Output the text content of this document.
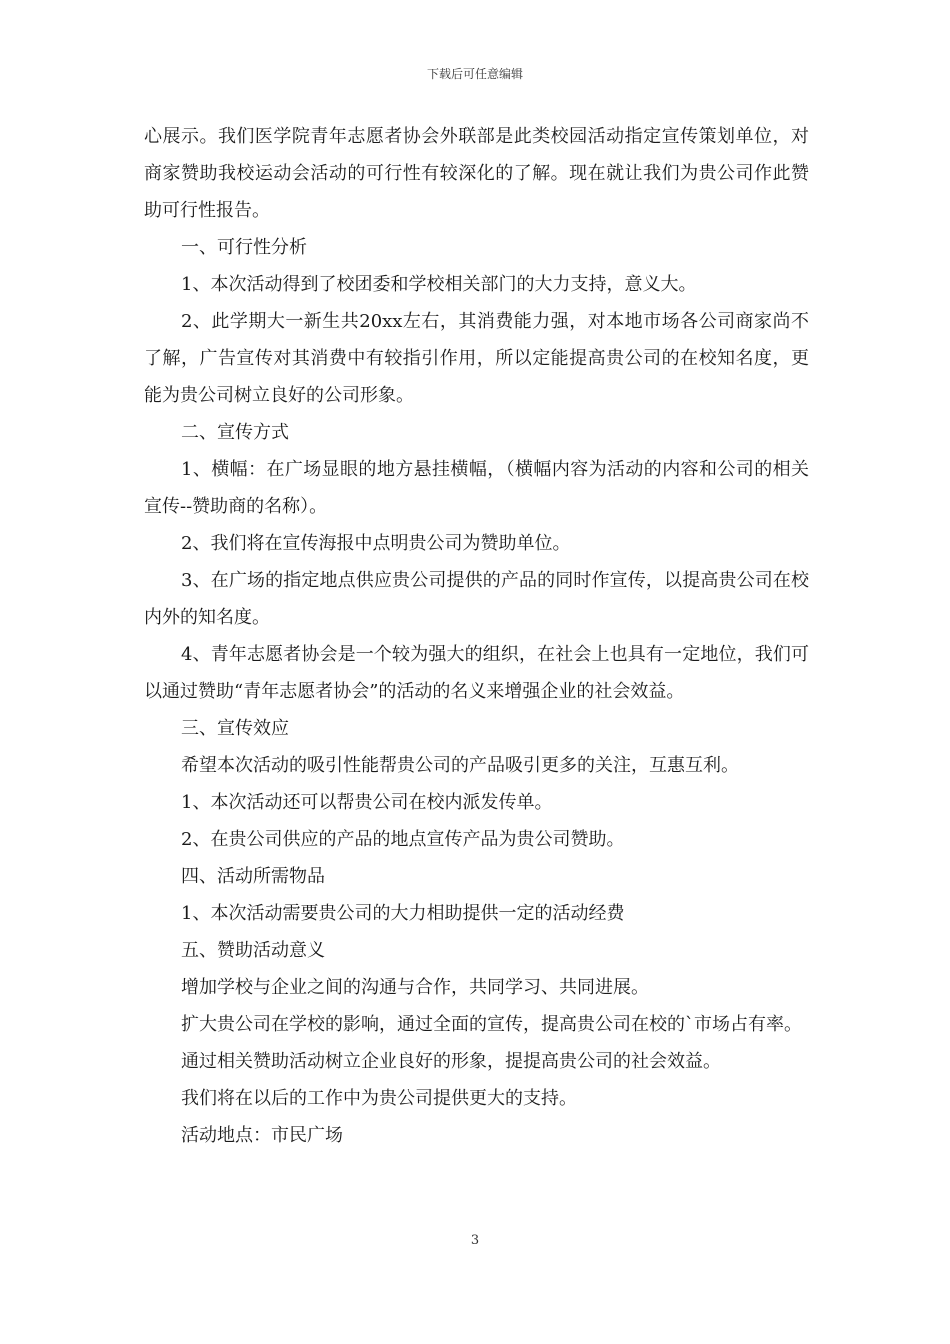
下载后可任意编辑

心展示。我们医学院青年志愿者协会外联部是此类校园活动指定宣传策划单位，对商家赞助我校运动会活动的可行性有较深化的了解。现在就让我们为贵公司作此赞助可行性报告。

一、可行性分析

1、本次活动得到了校团委和学校相关部门的大力支持，意义大。

2、此学期大一新生共20xx左右，其消费能力强，对本地市场各公司商家尚不了解，广告宣传对其消费中有较指引作用，所以定能提高贵公司的在校知名度，更能为贵公司树立良好的公司形象。

二、宣传方式

1、横幅：在广场显眼的地方悬挂横幅，（横幅内容为活动的内容和公司的相关宣传--赞助商的名称）。

2、我们将在宣传海报中点明贵公司为赞助单位。

3、在广场的指定地点供应贵公司提供的产品的同时作宣传，以提高贵公司在校内外的知名度。

4、青年志愿者协会是一个较为强大的组织，在社会上也具有一定地位，我们可以通过赞助“青年志愿者协会”的活动的名义来增强企业的社会效益。

三、宣传效应

希望本次活动的吸引性能帮贵公司的产品吸引更多的关注，互惠互利。

1、本次活动还可以帮贵公司在校内派发传单。

2、在贵公司供应的产品的地点宣传产品为贵公司赞助。

四、活动所需物品

1、本次活动需要贵公司的大力相助提供一定的活动经费

五、赞助活动意义

增加学校与企业之间的沟通与合作，共同学习、共同进展。

扩大贵公司在学校的影响，通过全面的宣传，提高贵公司在校的`市场占有率。

通过相关赞助活动树立企业良好的形象，提提高贵公司的社会效益。

我们将在以后的工作中为贵公司提供更大的支持。

活动地点：市民广场

3
